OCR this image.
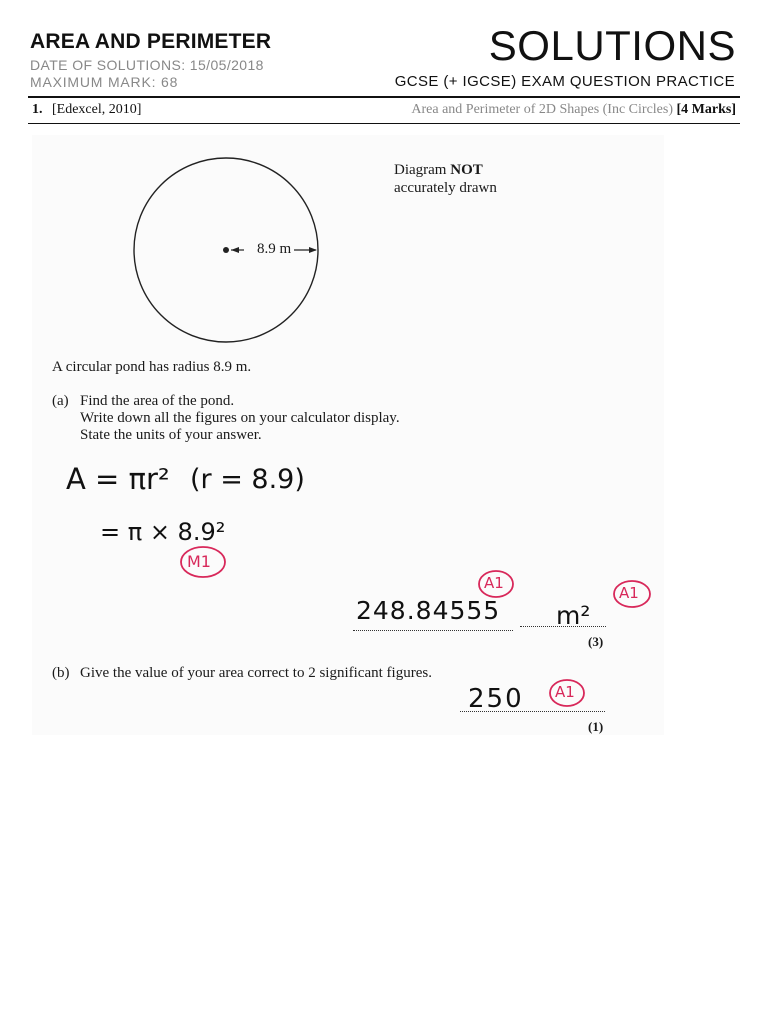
AREA AND PERIMETER
DATE OF SOLUTIONS: 15/05/2018
MAXIMUM MARK: 68
SOLUTIONS
GCSE (+ IGCSE) EXAM QUESTION PRACTICE
1. [Edexcel, 2010]	Area and Perimeter of 2D Shapes (Inc Circles) [4 Marks]
8.9 m
Diagram NOT
accurately drawn
A circular pond has radius 8.9 m.
(a) Find the area of the pond.
Write down all the figures on your calculator display.
State the units of your answer.
A = πr² (r = 8.9)
= π × 8.9²
M1
A1
248.84555 m²
A1
(3)
(b) Give the value of your area correct to 2 significant figures.
250 A1
(1)
